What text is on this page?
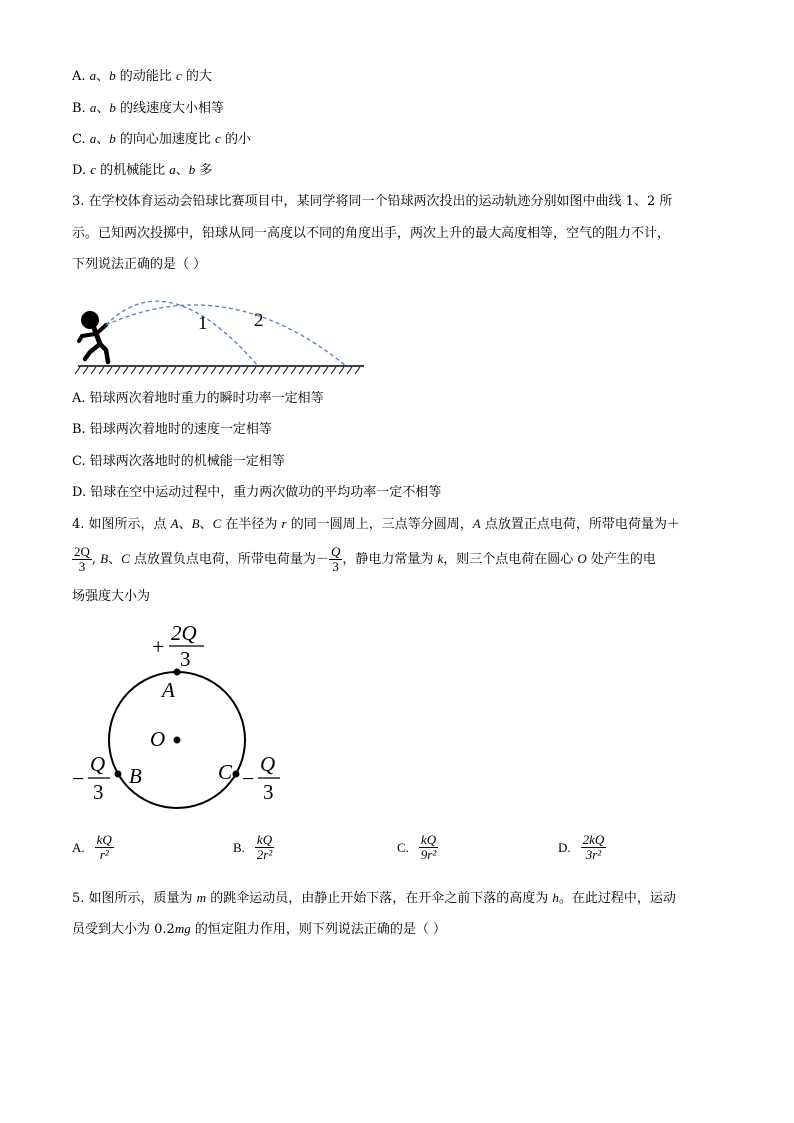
A. a、b 的动能比 c 的大
B. a、b 的线速度大小相等
C. a、b 的向心加速度比 c 的小
D. c 的机械能比 a、b 多
3. 在学校体育运动会铅球比赛项目中，某同学将同一个铅球两次投出的运动轨迹分别如图中曲线 1、2 所
示。已知两次投掷中，铅球从同一高度以不同的角度出手，两次上升的最大高度相等，空气的阻力不计，
下列说法正确的是（ ）
1 2
A. 铅球两次着地时重力的瞬时功率一定相等
B. 铅球两次着地时的速度一定相等
C. 铅球两次落地时的机械能一定相等
D. 铅球在空中运动过程中，重力两次做功的平均功率一定不相等
4. 如图所示，点 A、B、C 在半径为 r 的同一圆周上，三点等分圆周，A 点放置正点电荷，所带电荷量为＋
$\frac{2Q}{3}$ , B、C 点放置负点电荷，所带电荷量为－ $\frac{Q}{3}$ ，静电力常量为 k，则三个点电荷在圆心 O 处产生的电
场强度大小为
A
O
B	C
+
2Q
3
−
Q
3
−
Q
3
A. $\frac{kQ}{\text{r²}}$	B. $\frac{kQ}{\text{2r²}}$	C. $\frac{kQ}{\text{9r²}}$	D. $\frac{2kQ}{\text{3r²}}$
5. 如图所示，质量为 m 的跳伞运动员，由静止开始下落，在开伞之前下落的高度为 h。在此过程中，运动
员受到大小为 0.2mg 的恒定阻力作用，则下列说法正确的是（ ）
